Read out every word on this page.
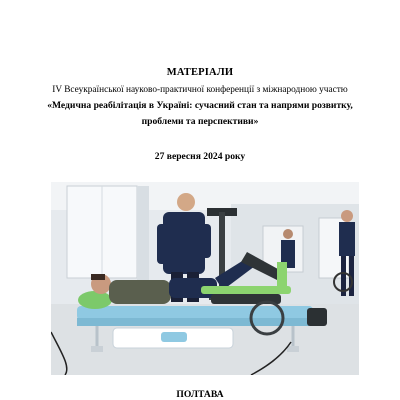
МАТЕРІАЛИ
IV Всеукраїнської науково-практичної конференції з міжнародною участю
«Медична реабілітація в Україні: сучасний стан та напрями розвитку,
проблеми та перспективи»
27 вересня 2024 року
ПОЛТАВА
